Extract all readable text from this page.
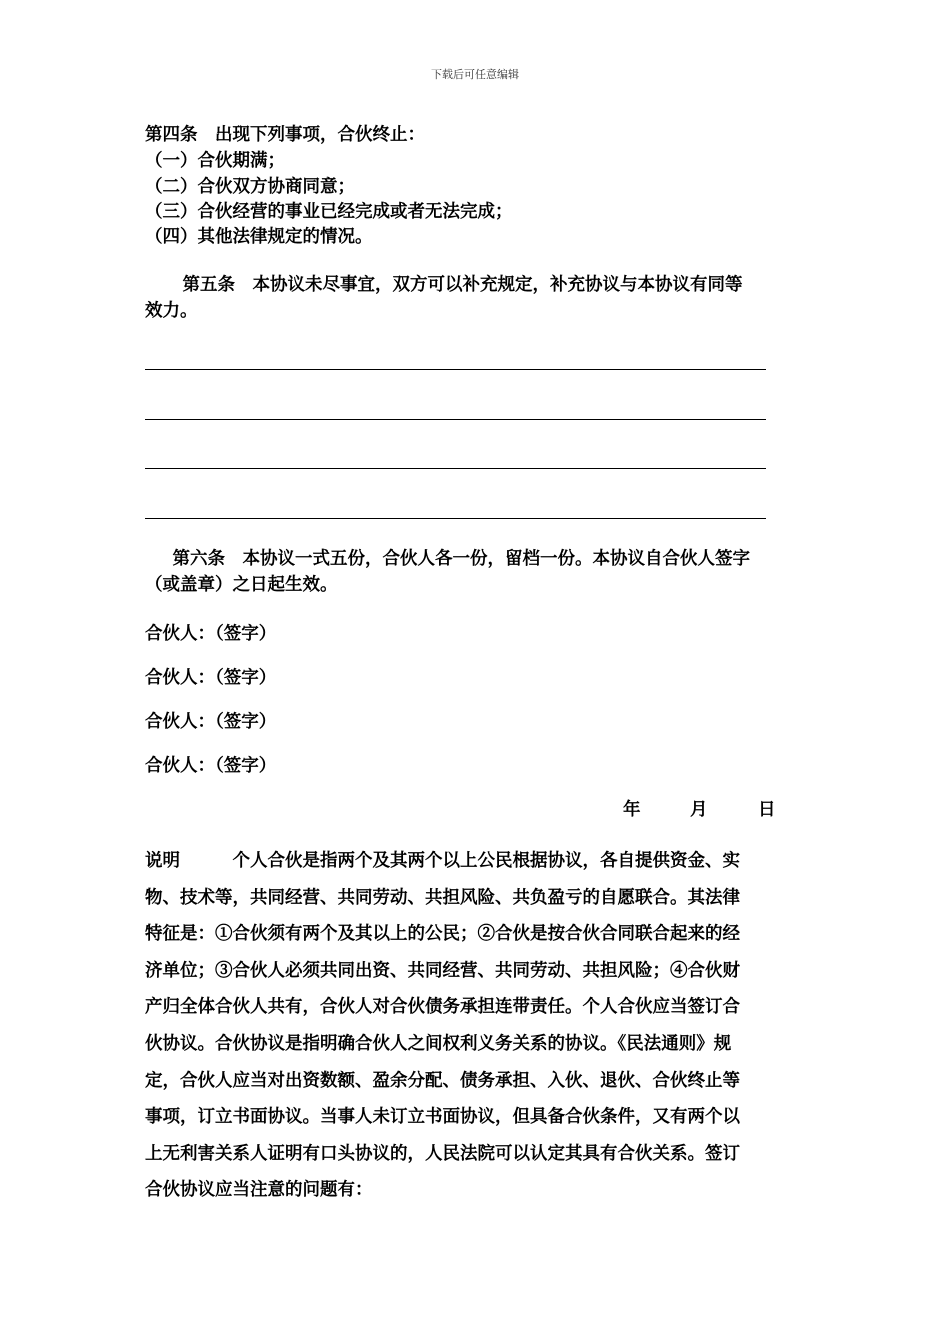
下载后可任意编辑
第四条　出现下列事项，合伙终止：
（一）合伙期满；
（二）合伙双方协商同意；
（三）合伙经营的事业已经完成或者无法完成；
（四）其他法律规定的情况。
　第五条　本协议未尽事宜，双方可以补充规定，补充协议与本协议有同等
效力。
　第六条　本协议一式五份，合伙人各一份，留档一份。本协议自合伙人签字
（或盖章）之日起生效。
合伙人：（签字）
合伙人：（签字）
合伙人：（签字）
合伙人：（签字）
年	月	日
说明　　　个人合伙是指两个及其两个以上公民根据协议，各自提供资金、实
物、技术等，共同经营、共同劳动、共担风险、共负盈亏的自愿联合。其法律
特征是：①合伙须有两个及其以上的公民；②合伙是按合伙合同联合起来的经
济单位；③合伙人必须共同出资、共同经营、共同劳动、共担风险；④合伙财
产归全体合伙人共有，合伙人对合伙债务承担连带责任。个人合伙应当签订合
伙协议。合伙协议是指明确合伙人之间权利义务关系的协议。《民法通则》规
定，合伙人应当对出资数额、盈余分配、债务承担、入伙、退伙、合伙终止等
事项，订立书面协议。当事人未订立书面协议，但具备合伙条件，又有两个以
上无利害关系人证明有口头协议的，人民法院可以认定其具有合伙关系。签订
合伙协议应当注意的问题有：
